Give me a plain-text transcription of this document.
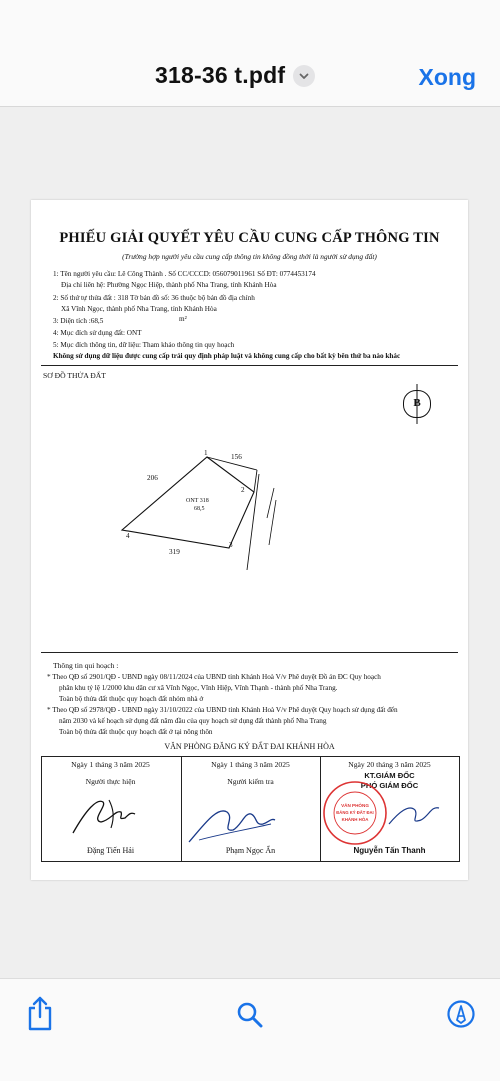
318-36 t.pdf	Xong
PHIẾU GIẢI QUYẾT YÊU CẦU CUNG CẤP THÔNG TIN
(Trường hợp người yêu cầu cung cấp thông tin không đồng thời là người sử dụng đất)
1: Tên người yêu cầu: Lê Công Thành . Số CC/CCCD: 056079011961 Số ĐT: 0774453174
Địa chỉ liên hệ: Phường Ngọc Hiệp, thành phố Nha Trang, tỉnh Khánh Hòa
2: Số thứ tự thửa đất : 318 Tờ bản đồ số: 36 thuộc bộ bản đồ địa chính
Xã Vĩnh Ngọc, thành phố Nha Trang, tỉnh Khánh Hòa
3: Diện tích :68,5	m²
4: Mục đích sử dụng đất: ONT
5: Mục đích thông tin, dữ liệu: Tham khảo thông tin quy hoạch
Không sử dụng dữ liệu được cung cấp trái quy định pháp luật và không cung cấp cho bất kỳ bên thứ ba nào khác
SƠ ĐỒ THỬA ĐẤT
B
1
2
3
4
156
206
319
ONT 318
68,5
Thông tin qui hoạch :
* Theo QĐ số 2901/QĐ - UBND ngày 08/11/2024 của UBND tỉnh Khánh Hoà V/v Phê duyệt Đồ án ĐC Quy hoạch
phân khu tỷ lệ 1/2000 khu dân cư xã Vĩnh Ngọc, Vĩnh Hiệp, Vĩnh Thạnh - thành phố Nha Trang.
Toàn bộ thửa đất thuộc quy hoạch đất nhóm nhà ở
* Theo QĐ số 2978/QĐ - UBND ngày 31/10/2022 của UBND tỉnh Khánh Hoà V/v Phê duyệt Quy hoạch sử dụng đất đến
năm 2030 và kế hoạch sử dụng đất năm đầu của quy hoạch sử dụng đất thành phố Nha Trang
Toàn bộ thửa đất thuộc quy hoạch đất ở tại nông thôn
VĂN PHÒNG ĐĂNG KÝ ĐẤT ĐAI KHÁNH HÒA
Ngày 1 tháng 3 năm 2025	Ngày 1 tháng 3 năm 2025	Ngày 20 tháng 3 năm 2025
Người thực hiện	Người kiểm tra
KT.GIÁM ĐỐC
PHÓ GIÁM ĐỐC
VĂN PHÒNG
ĐĂNG KÝ ĐẤT ĐAI
KHÁNH HÒA
Đặng Tiến Hải	Phạm Ngọc Ẩn	Nguyễn Tấn Thanh
